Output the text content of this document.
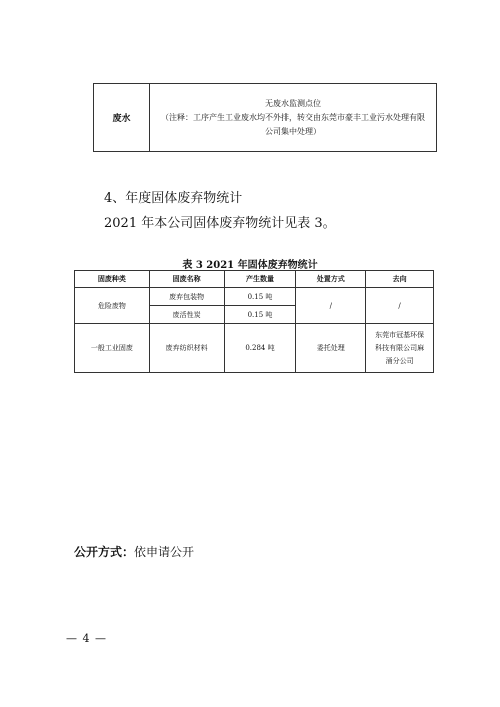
废水	
无废水监测点位
（注释：工序产生工业废水均不外排，转交由东莞市豪丰工业污水处理有限
公司集中处理）
4、年度固体废弃物统计
2021 年本公司固体废弃物统计见表 3。
表 3 2021 年固体废弃物统计
固废种类	固废名称	产生数量	处置方式	去向
危险废物	废弃包装物	0.15 吨	/	/
	废活性炭	0.15 吨		
一般工业固废	废弃纺织材料	0.284 吨	委托处理	东莞市冠基环保
科技有限公司麻
涌分公司
公开方式：依申请公开
— 4 —
